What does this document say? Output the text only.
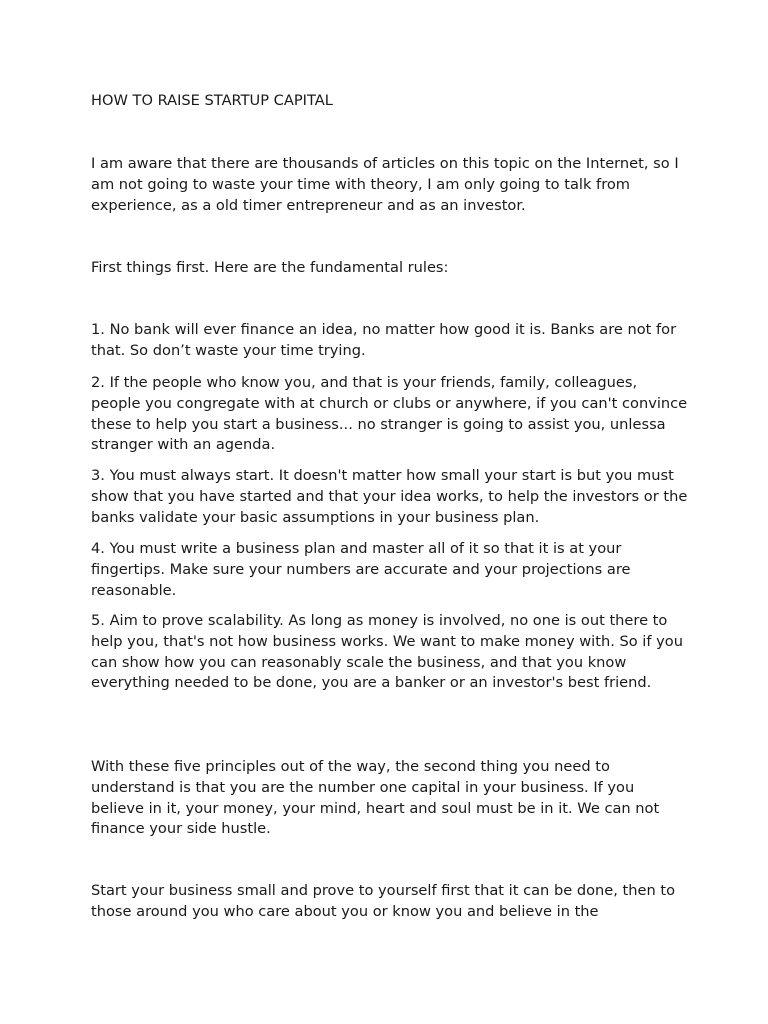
HOW TO RAISE STARTUP CAPITAL

I am aware that there are thousands of articles on this topic on the Internet, so I am not going to waste your time with theory, I am only going to talk from experience, as a old timer entrepreneur and as an investor.

First things first. Here are the fundamental rules:

1. No bank will ever finance an idea, no matter how good it is. Banks are not for that. So don’t waste your time trying.

2. If the people who know you, and that is your friends, family, colleagues, people you congregate with at church or clubs or anywhere, if you can't convince these to help you start a business... no stranger is going to assist you, unlessa stranger with an agenda.

3. You must always start. It doesn't matter how small your start is but you must show that you have started and that your idea works, to help the investors or the banks validate your basic assumptions in your business plan.

4. You must write a business plan and master all of it so that it is at your fingertips. Make sure your numbers are accurate and your projections are reasonable.

5. Aim to prove scalability. As long as money is involved, no one is out there to help you, that's not how business works. We want to make money with. So if you can show how you can reasonably scale the business, and that you know everything needed to be done, you are a banker or an investor's best friend.

With these five principles out of the way, the second thing you need to understand is that you are the number one capital in your business. If you believe in it, your money, your mind, heart and soul must be in it. We can not finance your side hustle.

Start your business small and prove to yourself first that it can be done, then to those around you who care about you or know you and believe in the
